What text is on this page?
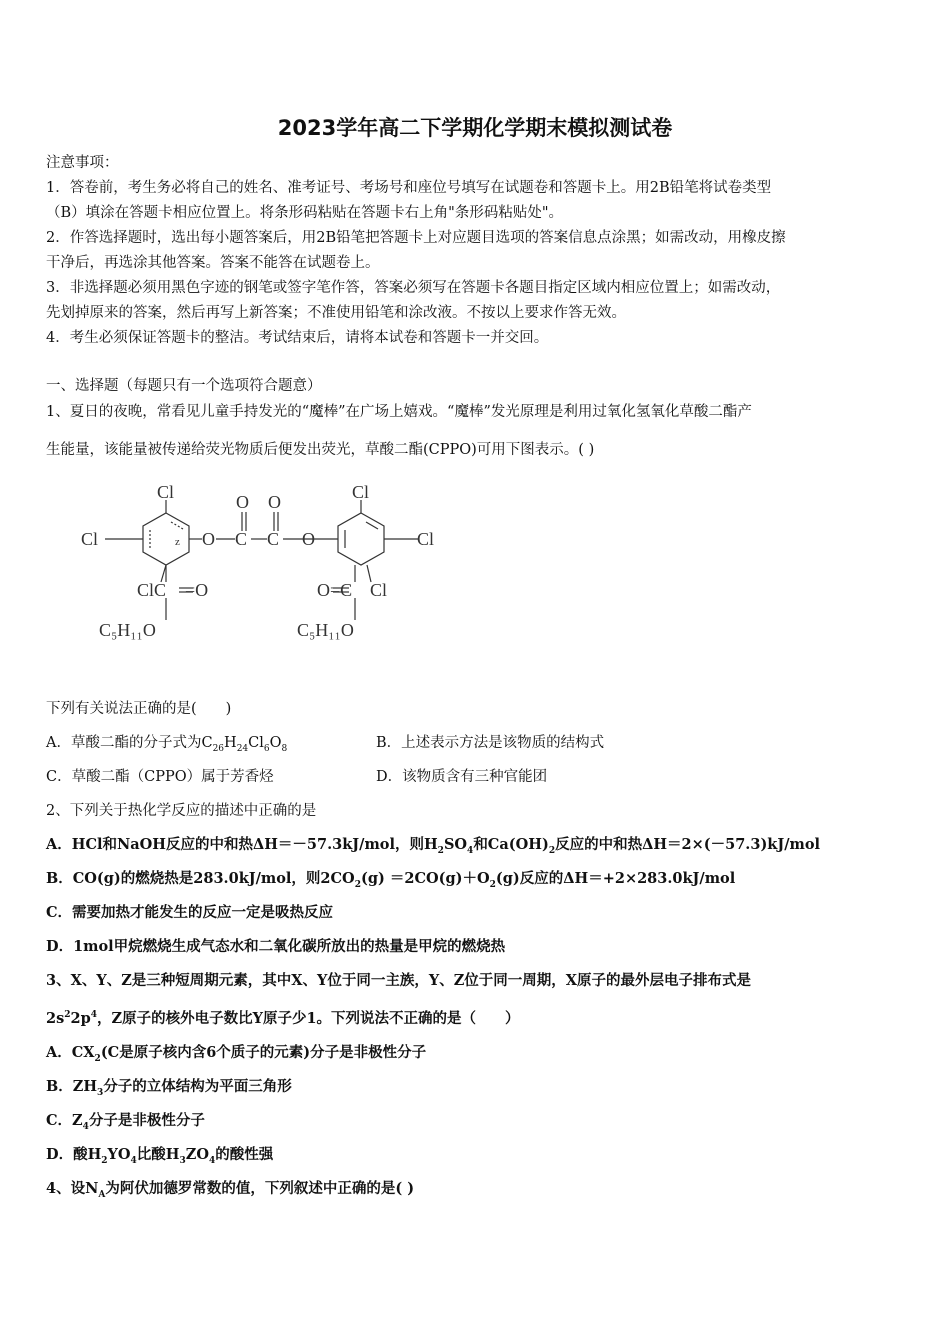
2023学年高二下学期化学期末模拟测试卷
注意事项：
1．答卷前，考生务必将自己的姓名、准考证号、考场号和座位号填写在试题卷和答题卡上。用2B铅笔将试卷类型
（B）填涂在答题卡相应位置上。将条形码粘贴在答题卡右上角"条形码粘贴处"。
2．作答选择题时，选出每小题答案后，用2B铅笔把答题卡上对应题目选项的答案信息点涂黑；如需改动，用橡皮擦
干净后，再选涂其他答案。答案不能答在试题卷上。
3．非选择题必须用黑色字迹的钢笔或签字笔作答，答案必须写在答题卡各题目指定区域内相应位置上；如需改动，
先划掉原来的答案，然后再写上新答案；不准使用铅笔和涂改液。不按以上要求作答无效。
4．考生必须保证答题卡的整洁。考试结束后，请将本试卷和答题卡一并交回。
一、选择题（每题只有一个选项符合题意）
1、夏日的夜晚，常看见儿童手持发光的“魔棒”在广场上嬉戏。“魔棒”发光原理是利用过氧化氢氧化草酸二酯产
生能量，该能量被传递给荧光物质后便发出荧光，草酸二酯(CPPO)可用下图表示。( )
Cl
Cl	z O C C O
O O	Cl
Cl
ClC =O	O=C Cl
C₅H₁₁O	C₅H₁₁O
下列有关说法正确的是(　　)
A．草酸二酯的分子式为$C_{26}H_{24}Cl_6O_8$	B．上述表示方法是该物质的结构式
C．草酸二酯（CPPO）属于芳香烃	D．该物质含有三种官能团
2、下列关于热化学反应的描述中正确的是
A．HCl和NaOH反应的中和热ΔH＝－57.3kJ/mol，则$H_2SO_4$和$Ca(OH)_2$反应的中和热ΔH＝2×(－57.3)kJ/mol
B．CO(g)的燃烧热是283.0kJ/mol，则$2CO_2(g) =2CO(g)+O_2(g)$反应的ΔH＝+2×283.0kJ/mol
C．需要加热才能发生的反应一定是吸热反应
D．1mol甲烷燃烧生成气态水和二氧化碳所放出的热量是甲烷的燃烧热
3、X、Y、Z是三种短周期元素，其中X、Y位于同一主族，Y、Z位于同一周期，X原子的最外层电子排布式是
$2s^22p^4$，Z原子的核外电子数比Y原子少1。下列说法不正确的是（　　）
A．$CX_2(C$是原子核内含6个质子的元素)分子是非极性分子
B．$ZH_3$分子的立体结构为平面三角形
C．$Z_4$分子是非极性分子
D．酸$H_2YO_4$比酸$H_3ZO_4$的酸性强
4、设$N_A$为阿伏加德罗常数的值，下列叙述中正确的是( )
